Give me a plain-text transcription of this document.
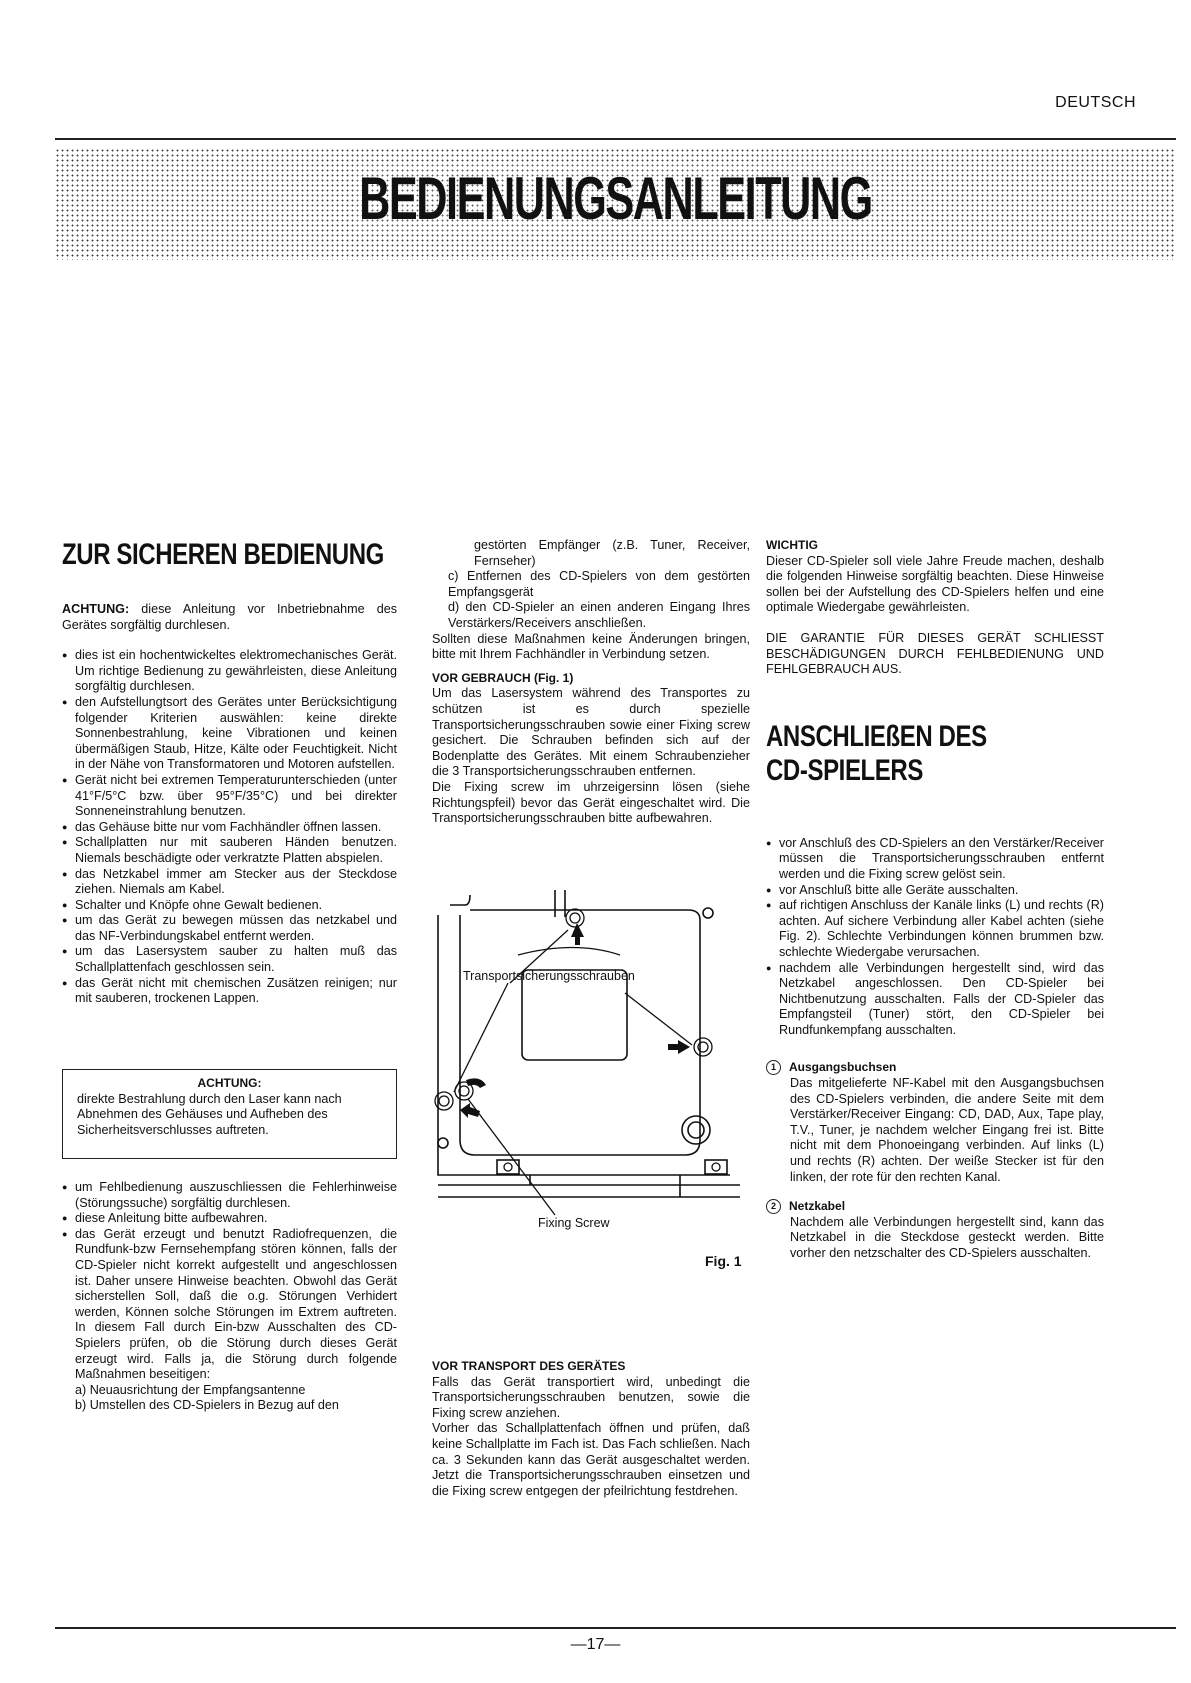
DEUTSCH
BEDIENUNGSANLEITUNG
ZUR SICHEREN BEDIENUNG

ACHTUNG: diese Anleitung vor Inbetriebnahme des Gerätes sorgfältig durchlesen.

● dies ist ein hochentwickeltes elektromechanisches Gerät. Um richtige Bedienung zu gewährleisten, diese Anleitung sorgfältig durchlesen.
● den Aufstellungtsort des Gerätes unter Berücksichtigung folgender Kriterien auswählen: keine direkte Sonnenbestrahlung, keine Vibrationen und keinen übermäßigen Staub, Hitze, Kälte oder Feuchtigkeit. Nicht in der Nähe von Transformatoren und Motoren aufstellen.
● Gerät nicht bei extremen Temperaturunterschieden (unter 41°F/5°C bzw. über 95°F/35°C) und bei direkter Sonneneinstrahlung benutzen.
● das Gehäuse bitte nur vom Fachhändler öffnen lassen.
● Schallplatten nur mit sauberen Händen benutzen. Niemals beschädigte oder verkratzte Platten abspielen.
● das Netzkabel immer am Stecker aus der Steckdose ziehen. Niemals am Kabel.
● Schalter und Knöpfe ohne Gewalt bedienen.
● um das Gerät zu bewegen müssen das netzkabel und das NF-Verbindungskabel entfernt werden.
● um das Lasersystem sauber zu halten muß das Schallplattenfach geschlossen sein.
● das Gerät nicht mit chemischen Zusätzen reinigen; nur mit sauberen, trockenen Lappen.
ACHTUNG:
direkte Bestrahlung durch den Laser kann nach Abnehmen des Gehäuses und Aufheben des Sicherheitsverschlusses auftreten.
● um Fehlbedienung auszuschliessen die Fehlerhinweise (Störungssuche) sorgfältig durchlesen.
● diese Anleitung bitte aufbewahren.
● das Gerät erzeugt und benutzt Radiofrequenzen, die Rundfunk-bzw Fernsehempfang stören können, falls der CD-Spieler nicht korrekt aufgestellt und angeschlossen ist. Daher unsere Hinweise beachten. Obwohl das Gerät sicherstellen Soll, daß die o.g. Störungen Verhidert werden, Können solche Störungen im Extrem auftreten. In diesem Fall durch Ein-bzw Ausschalten des CD-Spielers prüfen, ob die Störung durch dieses Gerät erzeugt wird. Falls ja, die Störung durch folgende Maßnahmen beseitigen:

a) Neuausrichtung der Empfangsantenne

b) Umstellen des CD-Spielers in Bezug auf den

gestörten Empfänger (z.B. Tuner, Receiver, Fernseher)

c) Entfernen des CD-Spielers von dem gestörten Empfangsgerät

d) den CD-Spieler an einen anderen Eingang Ihres Verstärkers/Receivers anschließen.

Sollten diese Maßnahmen keine Änderungen bringen, bitte mit Ihrem Fachhändler in Verbindung setzen.

VOR GEBRAUCH (Fig. 1)

Um das Lasersystem während des Transportes zu schützen ist es durch spezielle Transportsicherungsschrauben sowie einer Fixing screw gesichert. Die Schrauben befinden sich auf der Bodenplatte des Gerätes. Mit einem Schraubenzieher die 3 Transportsicherungsschrauben entfernen.

Die Fixing screw im uhrzeigersinn lösen (siehe Richtungspfeil) bevor das Gerät eingeschaltet wird. Die Transportsicherungsschrauben bitte aufbewahren.

Transportsicherungsschrauben
Fixing Screw
Fig. 1

VOR TRANSPORT DES GERÄTES

Falls das Gerät transportiert wird, unbedingt die Transportsicherungsschrauben benutzen, sowie die Fixing screw anziehen.

Vorher das Schallplattenfach öffnen und prüfen, daß keine Schallplatte im Fach ist. Das Fach schließen. Nach ca. 3 Sekunden kann das Gerät ausgeschaltet werden. Jetzt die Transportsicherungsschrauben einsetzen und die Fixing screw entgegen der pfeilrichtung festdrehen.

WICHTIG

Dieser CD-Spieler soll viele Jahre Freude machen, deshalb die folgenden Hinweise sorgfältig beachten. Diese Hinweise sollen bei der Aufstellung des CD-Spielers helfen und eine optimale Wiedergabe gewährleisten.

DIE GARANTIE FÜR DIESES GERÄT SCHLIESST BESCHÄDIGUNGEN DURCH FEHLBEDIENUNG UND FEHLGEBRAUCH AUS.

ANSCHLIEßEN DES
CD-SPIELERS
● vor Anschluß des CD-Spielers an den Verstärker/Receiver müssen die Transportsicherungsschrauben entfernt werden und die Fixing screw gelöst sein.
● vor Anschluß bitte alle Geräte ausschalten.
● auf richtigen Anschluss der Kanäle links (L) und rechts (R) achten. Auf sichere Verbindung aller Kabel achten (siehe Fig. 2). Schlechte Verbindungen können brummen bzw. schlechte Wiedergabe verursachen.
● nachdem alle Verbindungen hergestellt sind, wird das Netzkabel angeschlossen. Den CD-Spieler bei Nichtbenutzung ausschalten. Falls der CD-Spieler das Empfangsteil (Tuner) stört, den CD-Spieler bei Rundfunkempfang ausschalten.

1 Ausgangsbuchsen

Das mitgelieferte NF-Kabel mit den Ausgangsbuchsen des CD-Spielers verbinden, die andere Seite mit dem Verstärker/Receiver Eingang: CD, DAD, Aux, Tape play, T.V., Tuner, je nachdem welcher Eingang frei ist. Bitte nicht mit dem Phonoeingang verbinden. Auf links (L) und rechts (R) achten. Der weiße Stecker ist für den linken, der rote für den rechten Kanal.

2 Netzkabel

Nachdem alle Verbindungen hergestellt sind, kann das Netzkabel in die Steckdose gesteckt werden. Bitte vorher den netzschalter des CD-Spielers ausschalten.

—17—
